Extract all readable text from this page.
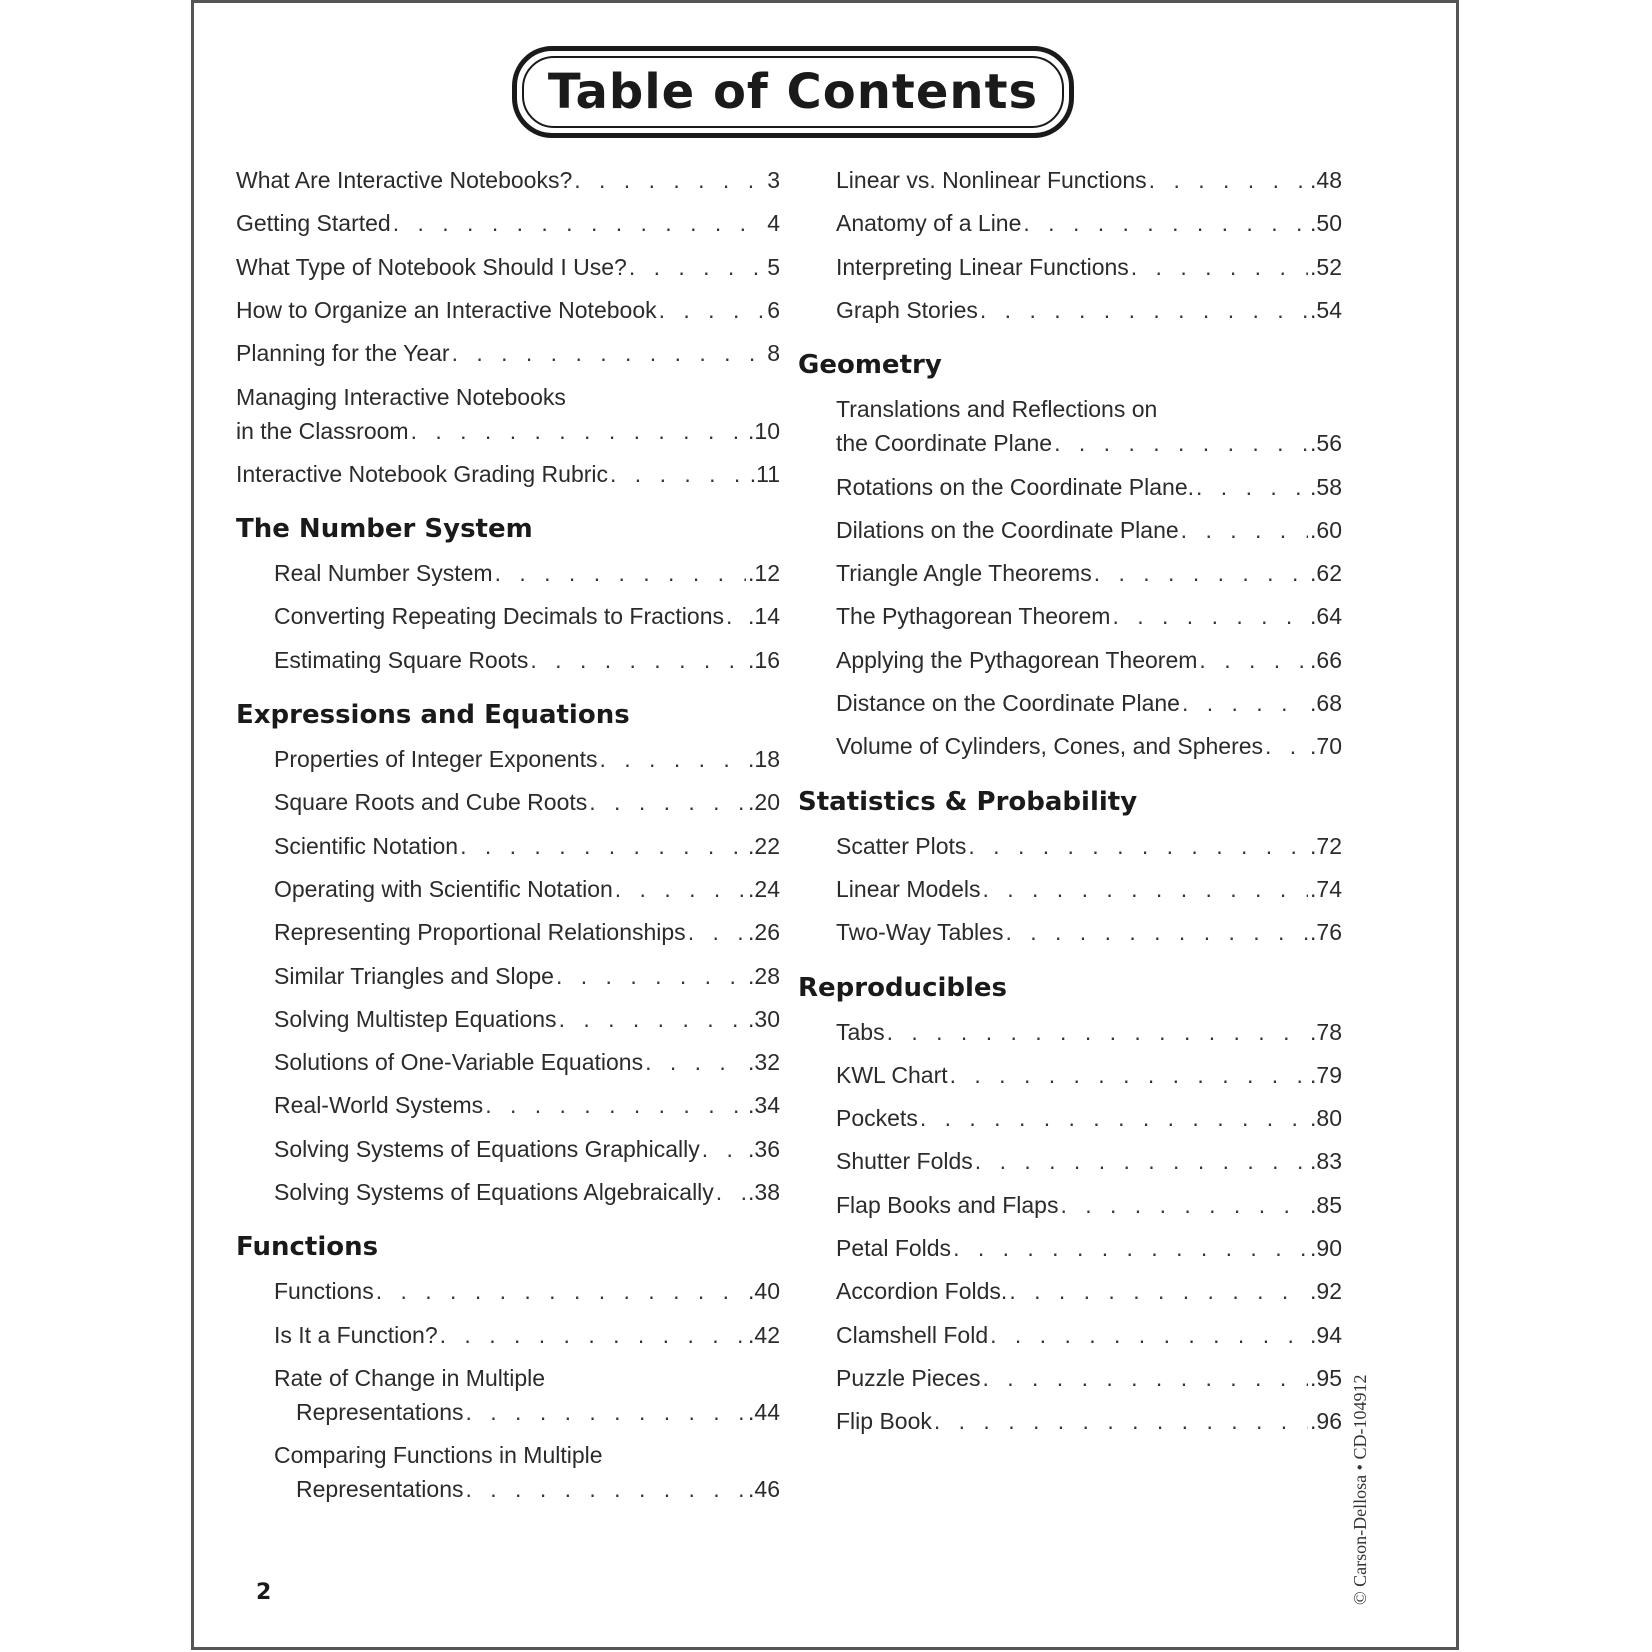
Table of Contents
What Are Interactive Notebooks? . . .	3
Getting Started . . .	4
What Type of Notebook Should I Use? . . .	5
How to Organize an Interactive Notebook . . .	6
Planning for the Year . . .	8
Managing Interactive Notebooks
in the Classroom . . .	.10
Interactive Notebook Grading Rubric . . .	.11
The Number System
Real Number System . . .	.12
Converting Repeating Decimals to Fractions . . . .14
Estimating Square Roots . . .	.16
Expressions and Equations
Properties of Integer Exponents . . .	.18
Square Roots and Cube Roots . . .	.20
Scientific Notation . . .	.22
Operating with Scientific Notation . . .	.24
Representing Proportional Relationships . . .	.26
Similar Triangles and Slope . . .	.28
Solving Multistep Equations . . .	.30
Solutions of One-Variable Equations . . .	.32
Real-World Systems . . .	.34
Solving Systems of Equations Graphically . . . .36
Solving Systems of Equations Algebraically . . . .38
Functions
Functions . . .	.40
Is It a Function? . . .	.42
Rate of Change in Multiple
Representations . . .	.44
Comparing Functions in Multiple
Representations . . .	.46
Linear vs. Nonlinear Functions . . .	.48
Anatomy of a Line . . .	.50
Interpreting Linear Functions . . .	.52
Graph Stories . . .	.54
Geometry
Translations and Reflections on
the Coordinate Plane . . .	.56
Rotations on the Coordinate Plane. . . .	.58
Dilations on the Coordinate Plane . . .	.60
Triangle Angle Theorems . . .	.62
The Pythagorean Theorem . . .	.64
Applying the Pythagorean Theorem . . .	.66
Distance on the Coordinate Plane . . .	.68
Volume of Cylinders, Cones, and Spheres . . . .70
Statistics & Probability
Scatter Plots . . .	.72
Linear Models . . .	.74
Two-Way Tables . . .	.76
Reproducibles
Tabs . . .	.78
KWL Chart . . .	.79
Pockets . . .	.80
Shutter Folds . . .	.83
Flap Books and Flaps . . .	.85
Petal Folds . . .	.90
Accordion Folds. . . .	.92
Clamshell Fold . . .	.94
Puzzle Pieces . . .	.95
Flip Book . . .	.96
2	© Carson-Dellosa • CD-104912
